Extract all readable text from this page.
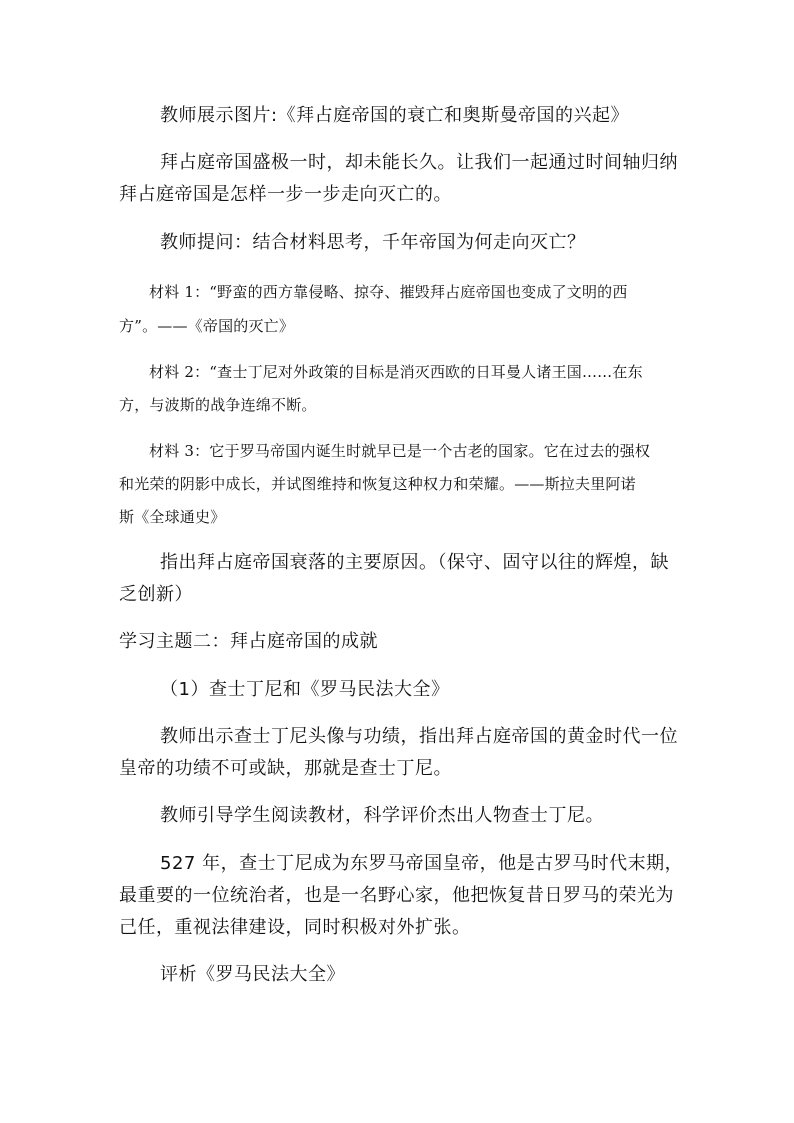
教师展示图片:《拜占庭帝国的衰亡和奥斯曼帝国的兴起》
拜占庭帝国盛极一时，却未能长久。让我们一起通过时间轴归纳
拜占庭帝国是怎样一步一步走向灭亡的。
教师提问：结合材料思考，千年帝国为何走向灭亡？
材料 1：“野蛮的西方靠侵略、掠夺、摧毁拜占庭帝国也变成了文明的西
方”。——《帝国的灭亡》
材料 2：“查士丁尼对外政策的目标是消灭西欧的日耳曼人诸王国……在东
方，与波斯的战争连绵不断。
材料 3：它于罗马帝国内诞生时就早已是一个古老的国家。它在过去的强权
和光荣的阴影中成长，并试图维持和恢复这种权力和荣耀。——斯拉夫里阿诺
斯《全球通史》
指出拜占庭帝国衰落的主要原因。（保守、固守以往的辉煌，缺
乏创新）
学习主题二：拜占庭帝国的成就
（1）查士丁尼和《罗马民法大全》
教师出示查士丁尼头像与功绩，指出拜占庭帝国的黄金时代一位
皇帝的功绩不可或缺，那就是查士丁尼。
教师引导学生阅读教材，科学评价杰出人物查士丁尼。
527 年，查士丁尼成为东罗马帝国皇帝，他是古罗马时代末期，
最重要的一位统治者，也是一名野心家，他把恢复昔日罗马的荣光为
己任，重视法律建设，同时积极对外扩张。
评析《罗马民法大全》
